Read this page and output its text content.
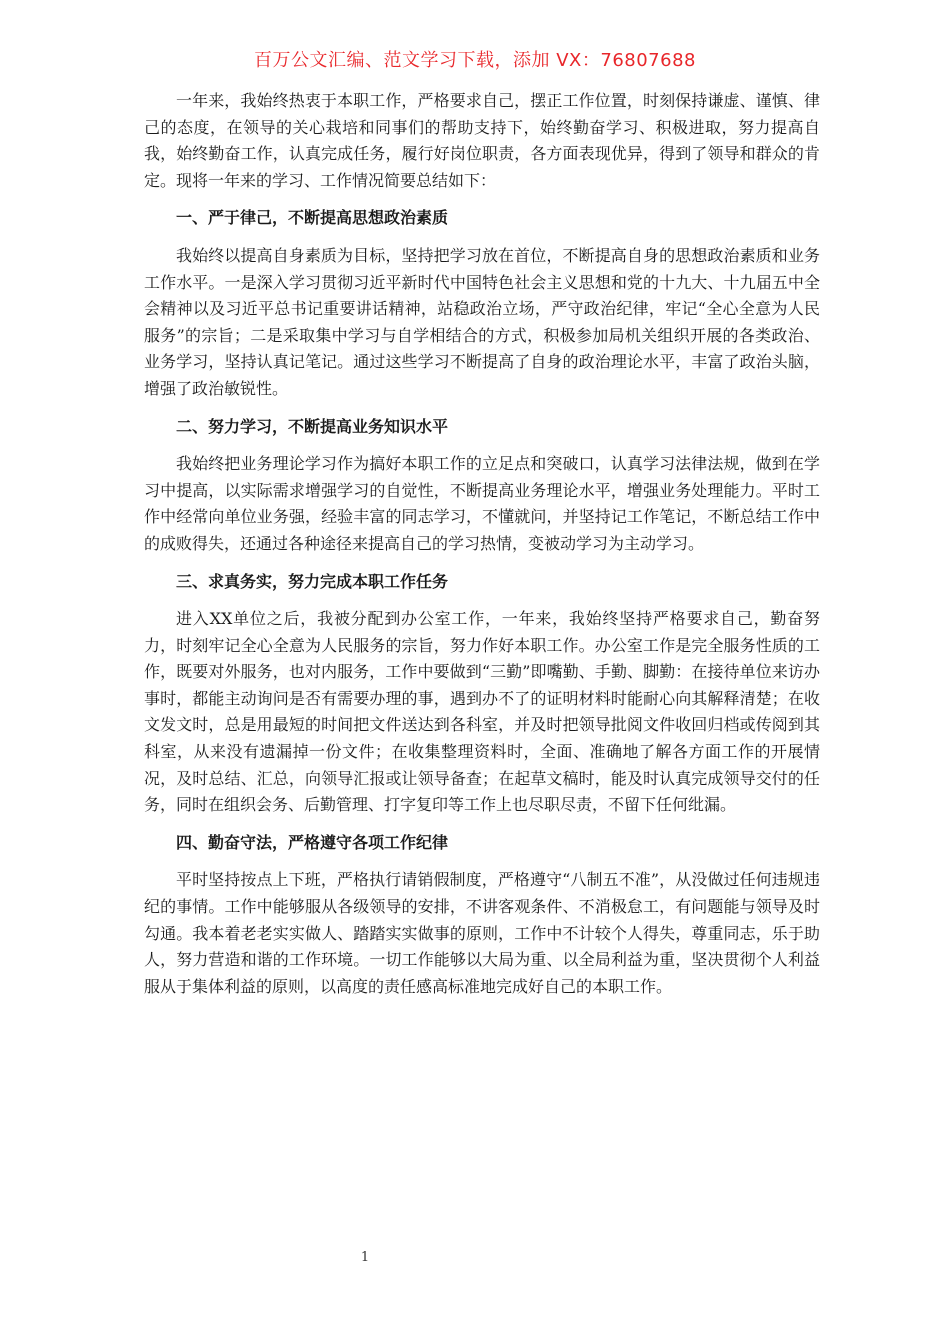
百万公文汇编、范文学习下载，添加 VX：76807688

一年来，我始终热衷于本职工作，严格要求自己，摆正工作位置，时刻保持谦虚、谨慎、律己的态度，在领导的关心栽培和同事们的帮助支持下，始终勤奋学习、积极进取，努力提高自我，始终勤奋工作，认真完成任务，履行好岗位职责，各方面表现优异，得到了领导和群众的肯定。现将一年来的学习、工作情况简要总结如下：

一、严于律己，不断提高思想政治素质

我始终以提高自身素质为目标，坚持把学习放在首位，不断提高自身的思想政治素质和业务工作水平。一是深入学习贯彻习近平新时代中国特色社会主义思想和党的十九大、十九届五中全会精神以及习近平总书记重要讲话精神，站稳政治立场，严守政治纪律，牢记“全心全意为人民服务”的宗旨；二是采取集中学习与自学相结合的方式，积极参加局机关组织开展的各类政治、业务学习，坚持认真记笔记。通过这些学习不断提高了自身的政治理论水平，丰富了政治头脑，增强了政治敏锐性。

二、努力学习，不断提高业务知识水平

我始终把业务理论学习作为搞好本职工作的立足点和突破口，认真学习法律法规，做到在学习中提高，以实际需求增强学习的自觉性，不断提高业务理论水平，增强业务处理能力。平时工作中经常向单位业务强，经验丰富的同志学习，不懂就问，并坚持记工作笔记，不断总结工作中的成败得失，还通过各种途径来提高自己的学习热情，变被动学习为主动学习。

三、求真务实，努力完成本职工作任务

进入XX单位之后，我被分配到办公室工作，一年来，我始终坚持严格要求自己，勤奋努力，时刻牢记全心全意为人民服务的宗旨，努力作好本职工作。办公室工作是完全服务性质的工作，既要对外服务，也对内服务，工作中要做到“三勤”即嘴勤、手勤、脚勤：在接待单位来访办事时，都能主动询问是否有需要办理的事，遇到办不了的证明材料时能耐心向其解释清楚；在收文发文时，总是用最短的时间把文件送达到各科室，并及时把领导批阅文件收回归档或传阅到其科室，从来没有遗漏掉一份文件；在收集整理资料时，全面、准确地了解各方面工作的开展情况，及时总结、汇总，向领导汇报或让领导备查；在起草文稿时，能及时认真完成领导交付的任务，同时在组织会务、后勤管理、打字复印等工作上也尽职尽责，不留下任何纰漏。

四、勤奋守法，严格遵守各项工作纪律

平时坚持按点上下班，严格执行请销假制度，严格遵守“八制五不准”，从没做过任何违规违纪的事情。工作中能够服从各级领导的安排，不讲客观条件、不消极怠工，有问题能与领导及时勾通。我本着老老实实做人、踏踏实实做事的原则，工作中不计较个人得失，尊重同志，乐于助人，努力营造和谐的工作环境。一切工作能够以大局为重、以全局利益为重，坚决贯彻个人利益服从于集体利益的原则，以高度的责任感高标准地完成好自己的本职工作。

1
